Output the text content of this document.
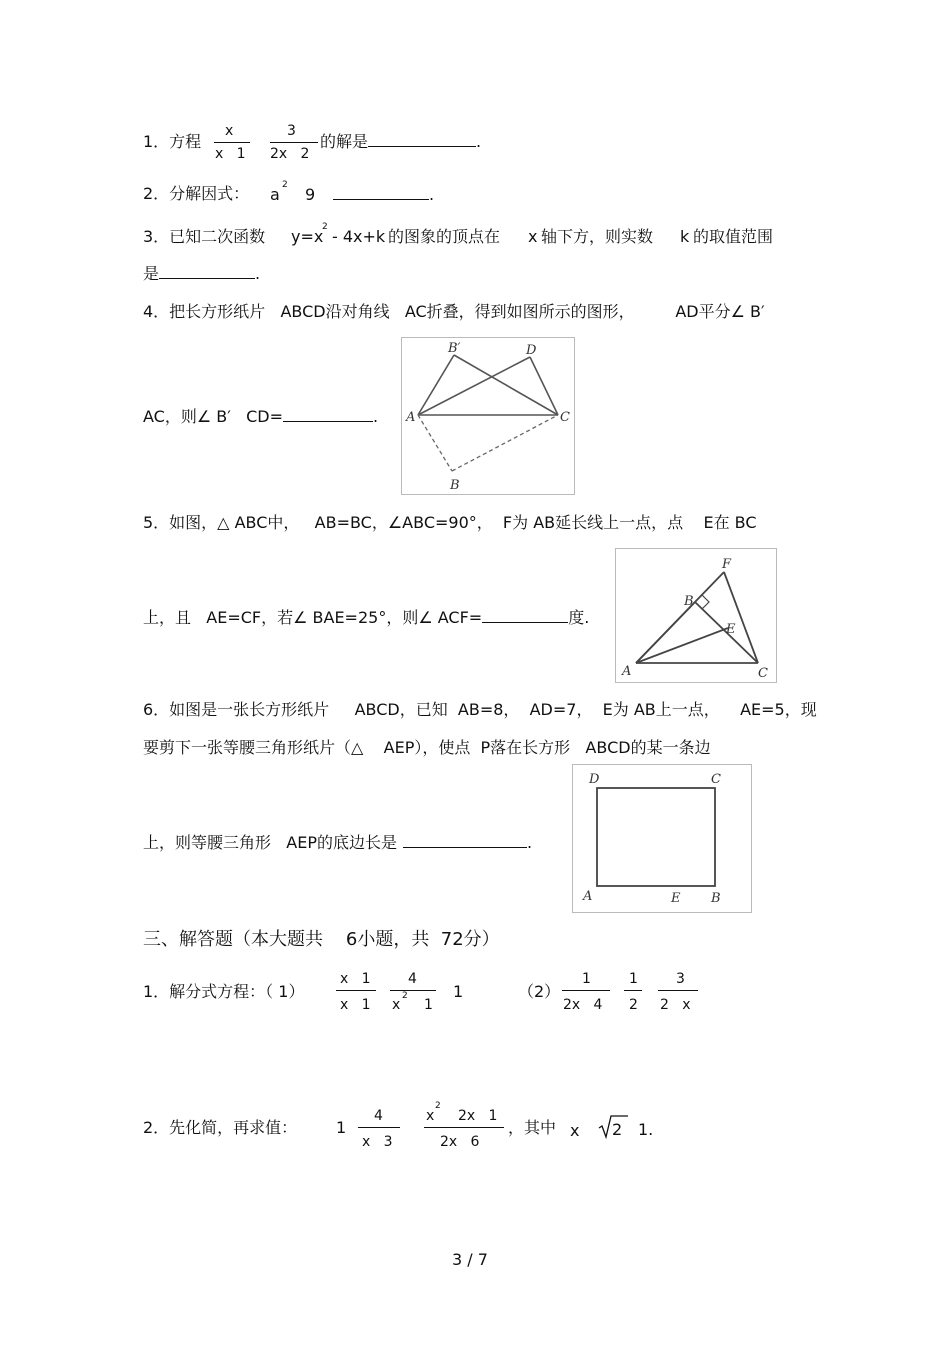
1．方程
x
x   1
3
2x   2
的解是	.
2．分解因式： a 2 9	.
3．已知二次函数 y=x
2 - 4x+k 的图象的顶点在 x 轴下方，则实数 k 的取值范围
是	.
4．把长方形纸片   ABCD沿对角线   AC折叠，得到如图所示的图形，        AD平分∠ B′
AC，则∠ B′   CD=	.
B′	D
A	C
B
5．如图，△ ABC中，   AB=BC，∠ABC=90°，  F为 AB延长线上一点，点    E在 BC
上，且   AE=CF，若∠ BAE=25°，则∠ ACF=	度.
F
B
E
A	C
6．如图是一张长方形纸片     ABCD，已知  AB=8，  AD=7，  E为 AB上一点，    AE=5，现
要剪下一张等腰三角形纸片（△    AEP），使点  P落在长方形   ABCD的某一条边
上，则等腰三角形   AEP的底边长是	.
D	C
A	E B
三、解答题（本大题共    6小题，共  72分）
1．解分式方程：（ 1）
x   1
x   1
4
x
2
1
1	（2）
1
2x   4
1
2
3
2   x
2．先化简，再求值： 1
4
x   3
x
2
2x   1
2x   6
，其中 x 2 1.
3 / 7
